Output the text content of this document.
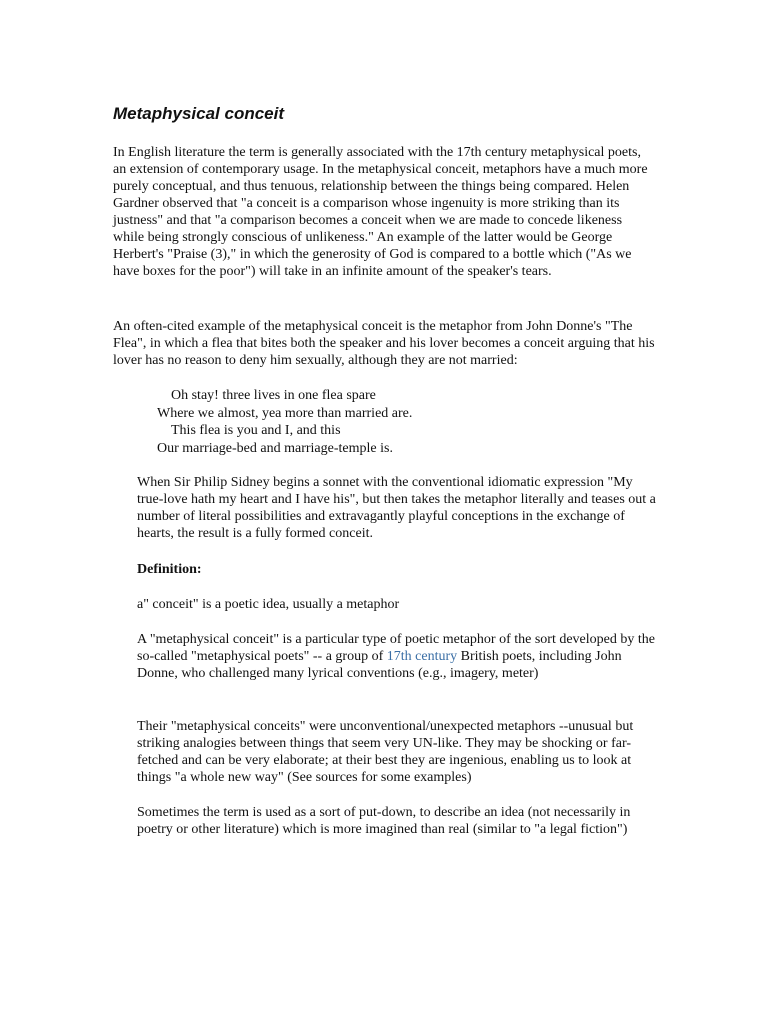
Metaphysical conceit

In English literature the term is generally associated with the 17th century metaphysical poets, an extension of contemporary usage. In the metaphysical conceit, metaphors have a much more purely conceptual, and thus tenuous, relationship between the things being compared. Helen Gardner observed that "a conceit is a comparison whose ingenuity is more striking than its justness" and that "a comparison becomes a conceit when we are made to concede likeness while being strongly conscious of unlikeness." An example of the latter would be George Herbert's "Praise (3)," in which the generosity of God is compared to a bottle which ("As we have boxes for the poor") will take in an infinite amount of the speaker's tears.

An often-cited example of the metaphysical conceit is the metaphor from John Donne's "The Flea", in which a flea that bites both the speaker and his lover becomes a conceit arguing that his lover has no reason to deny him sexually, although they are not married:

Oh stay! three lives in one flea spare
Where we almost, yea more than married are.
This flea is you and I, and this
Our marriage-bed and marriage-temple is.

When Sir Philip Sidney begins a sonnet with the conventional idiomatic expression "My true-love hath my heart and I have his", but then takes the metaphor literally and teases out a number of literal possibilities and extravagantly playful conceptions in the exchange of hearts, the result is a fully formed conceit.

Definition:

a" conceit" is a poetic idea, usually a metaphor

A "metaphysical conceit" is a particular type of poetic metaphor of the sort developed by the so-called "metaphysical poets" -- a group of 17th century British poets, including John Donne, who challenged many lyrical conventions (e.g., imagery, meter)

Their "metaphysical conceits" were unconventional/unexpected metaphors --unusual but striking analogies between things that seem very UN-like. They may be shocking or far-fetched and can be very elaborate; at their best they are ingenious, enabling us to look at things "a whole new way" (See sources for some examples)

Sometimes the term is used as a sort of put-down, to describe an idea (not necessarily in poetry or other literature) which is more imagined than real (similar to "a legal fiction")
